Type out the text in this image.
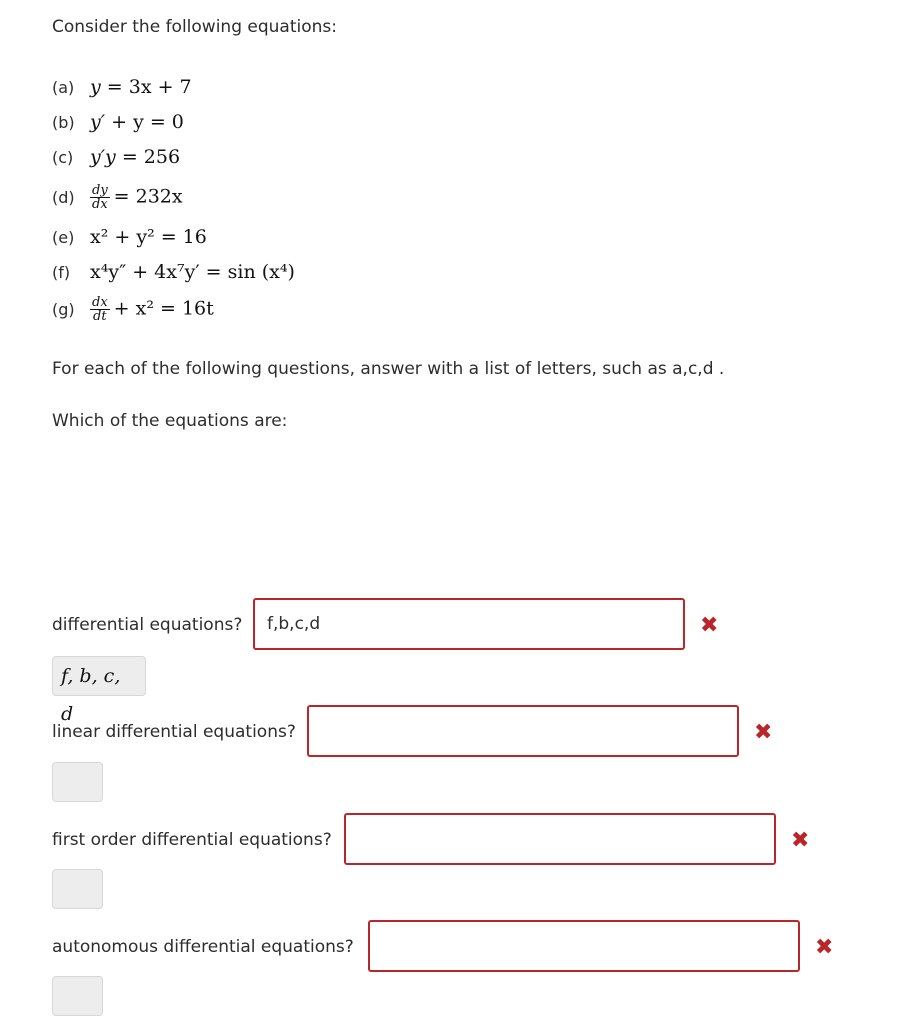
Consider the following equations:
(a) y = 3x + 7
(b) y′ + y = 0
(c) y′y = 256
(d)	$\frac{dy}{dx} = 232x$
(e) x² + y² = 16
(f)	x⁴y″ + 4x⁷y′ = sin (x⁴)
(g)	$\frac{dx}{dt} + x^2 = 16t$
For each of the following questions, answer with a list of letters, such as a,c,d .
Which of the equations are:
differential equations?
f,b,c,d	✖
f, b, c, d
linear differential equations?	✖
first order differential equations?	✖
autonomous differential equations?	✖
